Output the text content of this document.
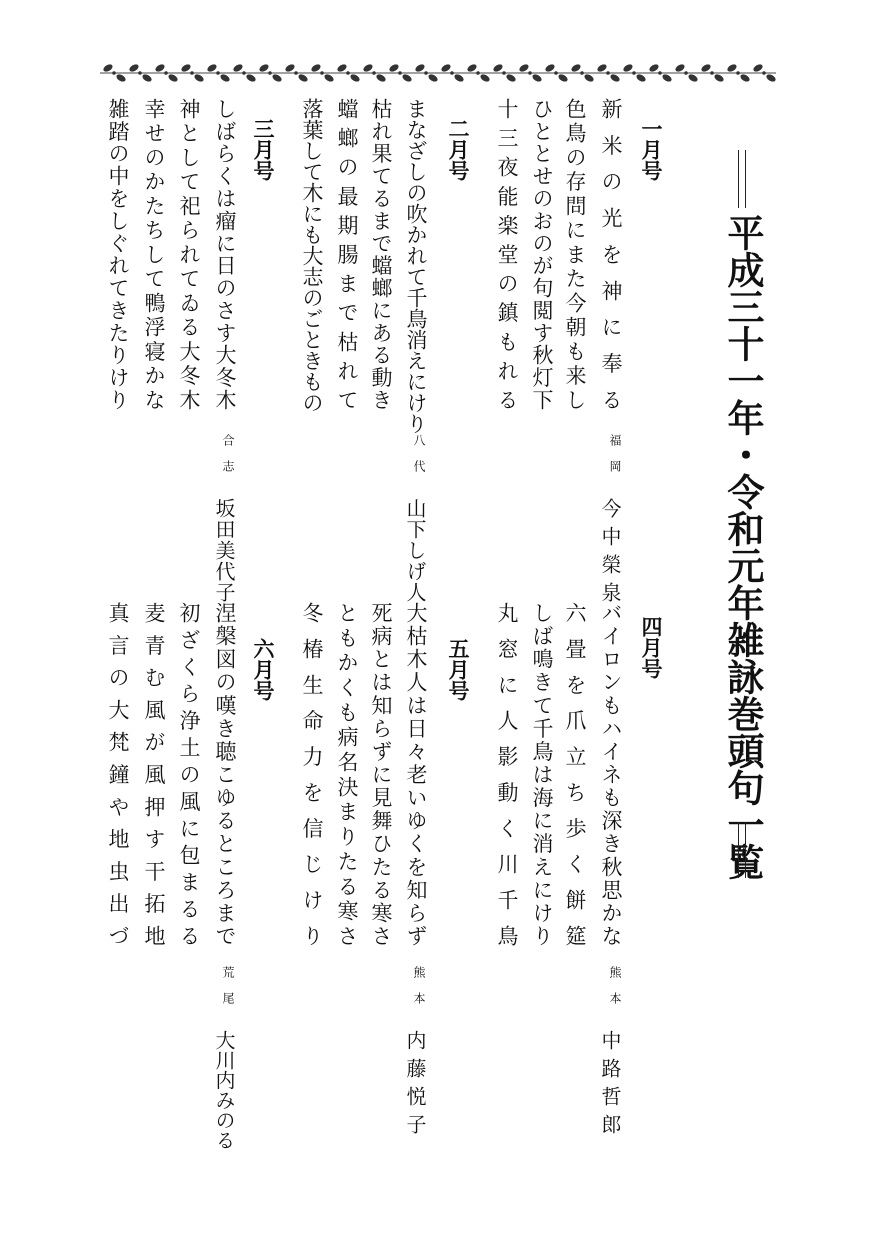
平成三十一年・令和元年雑詠巻頭句一覧
一月号
新米の光を神に奉る
色鳥の存問にまた今朝も来し
ひととせのおのが句閲す秋灯下
十三夜能楽堂の鎮もれる
福岡
今中榮泉
二月号
まなざしの吹かれて千鳥消えにけり
枯れ果てるまで蟷螂にある動き
蟷螂の最期腸まで枯れて
落葉して木にも大志のごときもの
八代
山下しげ人
三月号
しばらくは瘤に日のさす大冬木
神として祀られてゐる大冬木
幸せのかたちして鴨浮寝かな
雑踏の中をしぐれてきたりけり
合志
坂田美代子
四月号
バイロンもハイネも深き秋思かな
六畳を爪立ち歩く餅筵
しば鳴きて千鳥は海に消えにけり
丸窓に人影動く川千鳥
熊本
中路哲郎
五月号
大枯木人は日々老いゆくを知らず
死病とは知らずに見舞ひたる寒さ
ともかくも病名決まりたる寒さ
冬椿生命力を信じけり
熊本
内藤悦子
六月号
涅槃図の嘆き聴こゆるところまで
初ざくら浄土の風に包まるる
麦青む風が風押す干拓地
真言の大梵鐘や地虫出づ
荒尾
大川内みのる
